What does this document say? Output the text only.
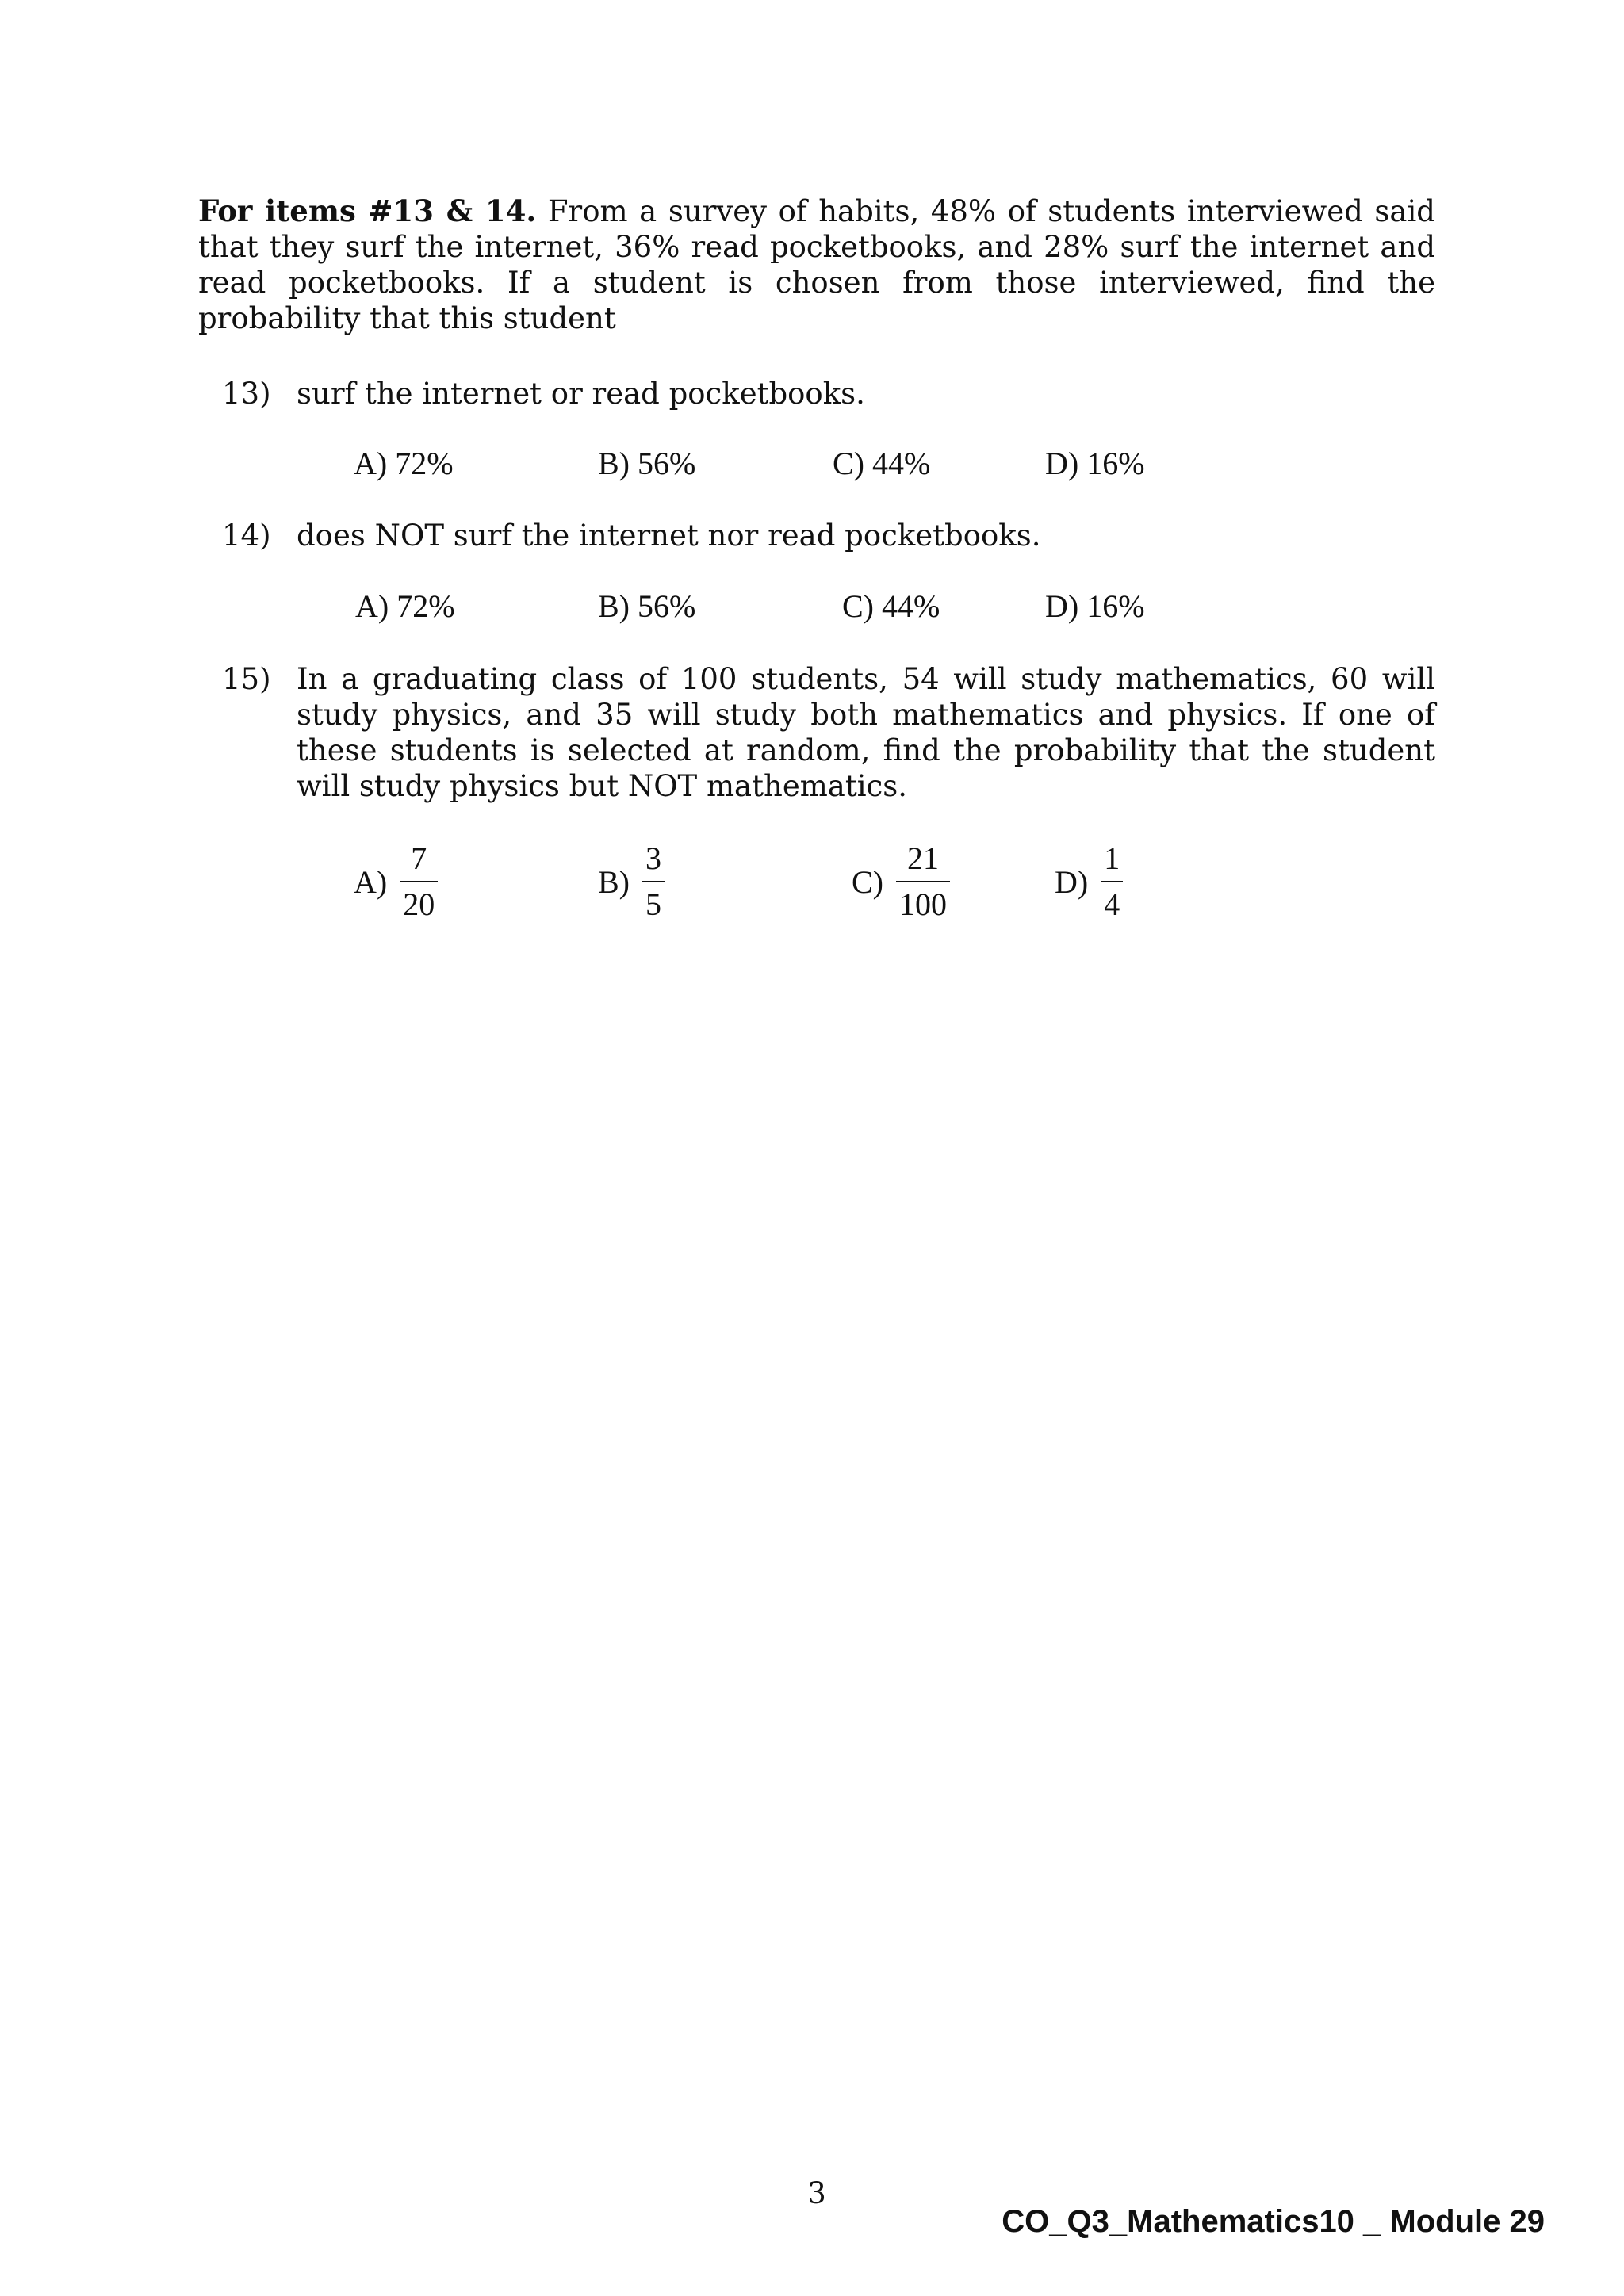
For items #13 & 14. From a survey of habits, 48% of students interviewed said that they surf the internet, 36% read pocketbooks, and 28% surf the internet and read pocketbooks. If a student is chosen from those interviewed, find the probability that this student

13) surf the internet or read pocketbooks.
A) 72%	B) 56%	C) 44%	D) 16%
14) does NOT surf the internet nor read pocketbooks.
A) 72%	B) 56%	C) 44%	D) 16%
15) In a graduating class of 100 students, 54 will study mathematics, 60 will study physics, and 35 will study both mathematics and physics. If one of these students is selected at random, find the probability that the student will study physics but NOT mathematics.
$A) \frac{7}{20}$	$B) \frac{3}{5}$	$C) \frac{21}{100}$	$D) \frac{1}{4}$
3
CO_Q3_Mathematics10 _ Module 29
